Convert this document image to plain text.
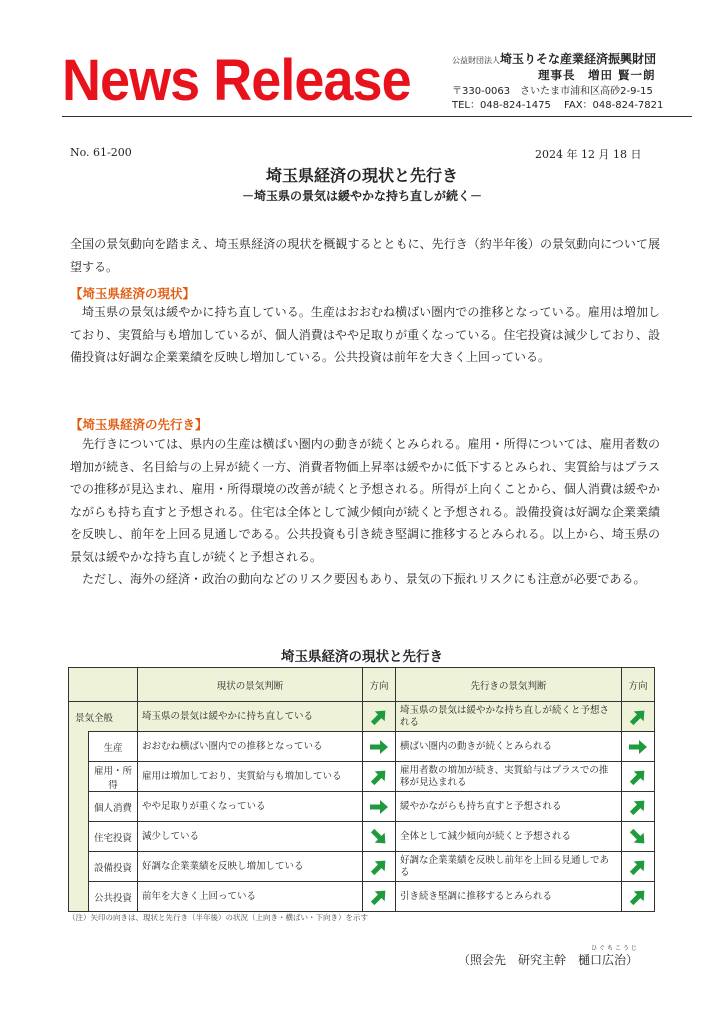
News Release	公益財団法人埼玉りそな産業経済振興財団
理事長　増田 賢一朗
〒330-0063　さいたま市浦和区高砂2-9-15
TEL：048-824-1475　 FAX：048-824-7821
No. 61-200	2024 年 12 月 18 日
埼玉県経済の現状と先行き
－埼玉県の景気は緩やかな持ち直しが続く－

全国の景気動向を踏まえ、埼玉県経済の現状を概観するとともに、先行き（約半年後）の景気動向について展望する。

【埼玉県経済の現状】

埼玉県の景気は緩やかに持ち直している。生産はおおむね横ばい圏内での推移となっている。雇用は増加しており、実質給与も増加しているが、個人消費はやや足取りが重くなっている。住宅投資は減少しており、設備投資は好調な企業業績を反映し増加している。公共投資は前年を大きく上回っている。

【埼玉県経済の先行き】

先行きについては、県内の生産は横ばい圏内の動きが続くとみられる。雇用・所得については、雇用者数の増加が続き、名目給与の上昇が続く一方、消費者物価上昇率は緩やかに低下するとみられ、実質給与はプラスでの推移が見込まれ、雇用・所得環境の改善が続くと予想される。所得が上向くことから、個人消費は緩やかながらも持ち直すと予想される。住宅は全体として減少傾向が続くと予想される。設備投資は好調な企業業績を反映し、前年を上回る見通しである。公共投資も引き続き堅調に推移するとみられる。以上から、埼玉県の景気は緩やかな持ち直しが続くと予想される。

ただし、海外の経済・政治の動向などのリスク要因もあり、景気の下振れリスクにも注意が必要である。

埼玉県経済の現状と先行き
		現状の景気判断	方向	先行きの景気判断	方向
景気全般		埼玉県の景気は緩やかに持ち直している		埼玉県の景気は緩やかな持ち直しが続くと予想される	

	生産	おおむね横ばい圏内での推移となっている		横ばい圏内の動きが続くとみられる	

	雇用・所得	雇用は増加しており、実質給与も増加している		雇用者数の増加が続き、実質給与はプラスでの推移が見込まれる	

	個人消費	やや足取りが重くなっている		緩やかながらも持ち直すと予想される	

	住宅投資	減少している		全体として減少傾向が続くと予想される	

	設備投資	好調な企業業績を反映し増加している		好調な企業業績を反映し前年を上回る見通しである	

	公共投資	前年を大きく上回っている		引き続き堅調に推移するとみられる	
（注）矢印の向きは、現状と先行き（半年後）の状況（上向き・横ばい・下向き）を示す
ひぐちこうじ
（照会先　研究主幹　樋口広治）
